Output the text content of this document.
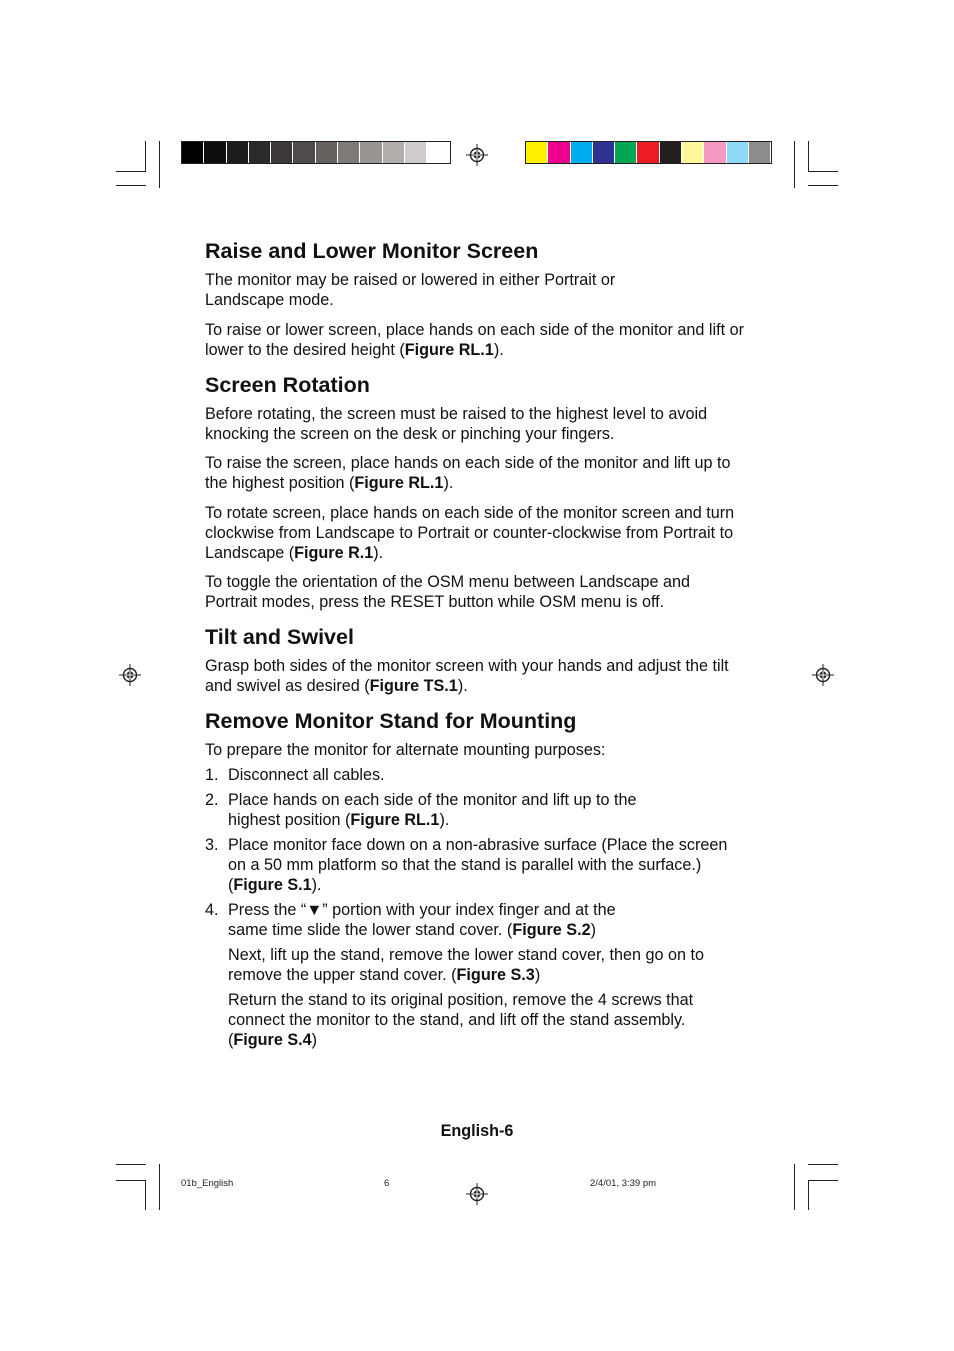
Raise and Lower Monitor Screen
The monitor may be raised or lowered in either Portrait or Landscape mode.
To raise or lower screen, place hands on each side of the monitor and lift or lower to the desired height (Figure RL.1).
Screen Rotation
Before rotating, the screen must be raised to the highest level to avoid knocking the screen on the desk or pinching your fingers.
To raise the screen, place hands on each side of the monitor and lift up to the highest position (Figure RL.1).
To rotate screen, place hands on each side of the monitor screen and turn clockwise from Landscape to Portrait or counter-clockwise from Portrait to Landscape (Figure R.1).
To toggle the orientation of the OSM menu between Landscape and Portrait modes, press the RESET button while OSM menu is off.
Tilt and Swivel
Grasp both sides of the monitor screen with your hands and adjust the tilt and swivel as desired (Figure TS.1).
Remove Monitor Stand for Mounting
To prepare the monitor for alternate mounting purposes:
1. Disconnect all cables.
2. Place hands on each side of the monitor and lift up to the highest position (Figure RL.1).
3. Place monitor face down on a non-abrasive surface (Place the screen on a 50 mm platform so that the stand is parallel with the surface.) (Figure S.1).
4. Press the “▼” portion with your index finger and at the same time slide the lower stand cover. (Figure S.2)
Next, lift up the stand, remove the lower stand cover, then go on to remove the upper stand cover. (Figure S.3)
Return the stand to its original position, remove the 4 screws that connect the monitor to the stand, and lift off the stand assembly. (Figure S.4)
English-6
01b_English	6	2/4/01, 3:39 pm
